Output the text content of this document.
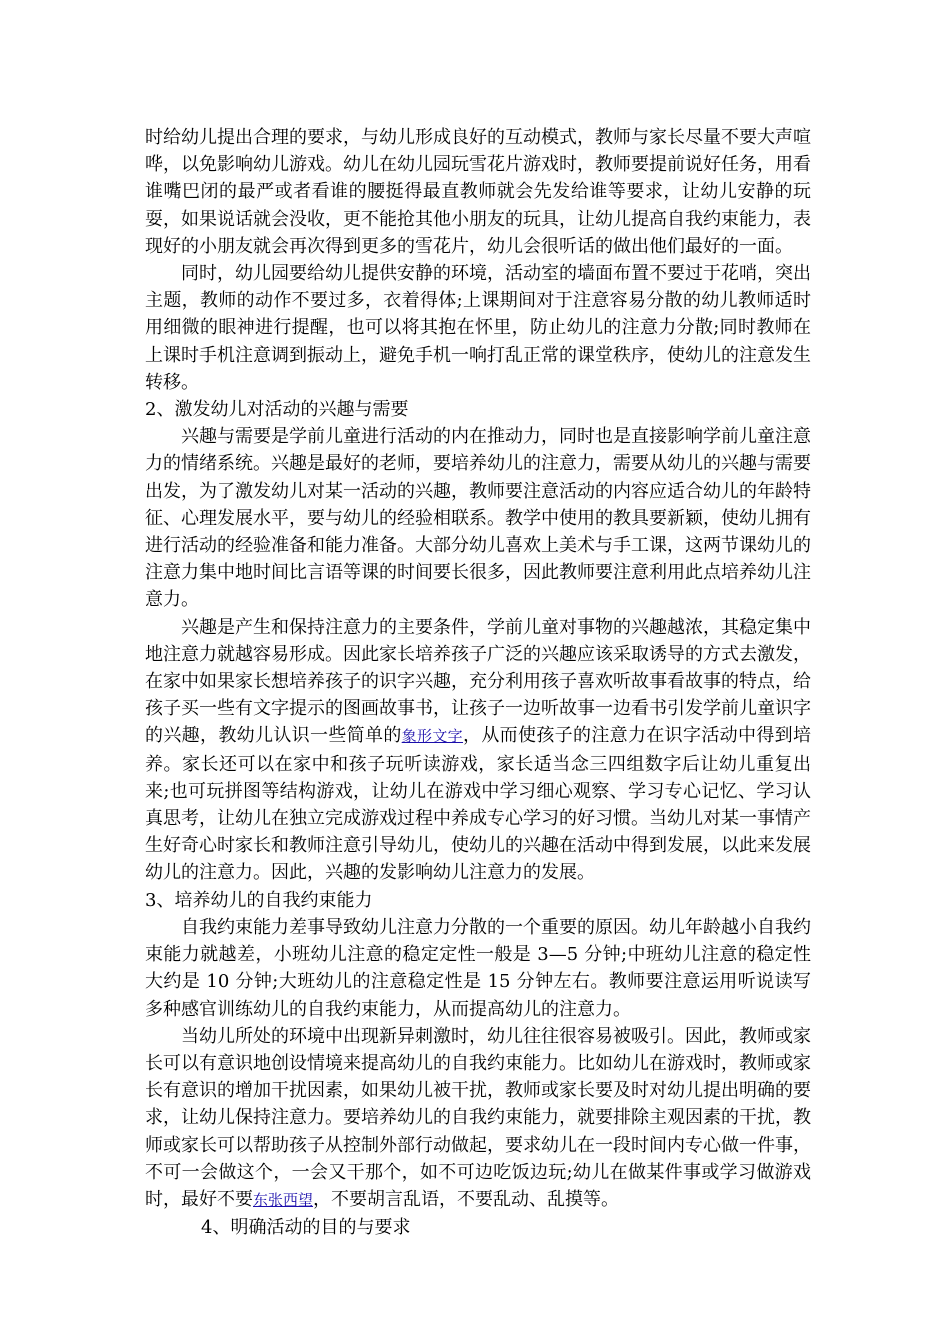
时给幼儿提出合理的要求，与幼儿形成良好的互动模式，教师与家长尽量不要大声喧哗，以免影响幼儿游戏。幼儿在幼儿园玩雪花片游戏时，教师要提前说好任务，用看谁嘴巴闭的最严或者看谁的腰挺得最直教师就会先发给谁等要求，让幼儿安静的玩耍，如果说话就会没收，更不能抢其他小朋友的玩具，让幼儿提高自我约束能力，表现好的小朋友就会再次得到更多的雪花片，幼儿会很听话的做出他们最好的一面。

同时，幼儿园要给幼儿提供安静的环境，活动室的墙面布置不要过于花哨，突出主题，教师的动作不要过多，衣着得体;上课期间对于注意容易分散的幼儿教师适时用细微的眼神进行提醒，也可以将其抱在怀里，防止幼儿的注意力分散;同时教师在上课时手机注意调到振动上，避免手机一响打乱正常的课堂秩序，使幼儿的注意发生转移。

2、激发幼儿对活动的兴趣与需要

兴趣与需要是学前儿童进行活动的内在推动力，同时也是直接影响学前儿童注意力的情绪系统。兴趣是最好的老师，要培养幼儿的注意力，需要从幼儿的兴趣与需要出发，为了激发幼儿对某一活动的兴趣，教师要注意活动的内容应适合幼儿的年龄特征、心理发展水平，要与幼儿的经验相联系。教学中使用的教具要新颖，使幼儿拥有进行活动的经验准备和能力准备。大部分幼儿喜欢上美术与手工课，这两节课幼儿的注意力集中地时间比言语等课的时间要长很多，因此教师要注意利用此点培养幼儿注意力。

兴趣是产生和保持注意力的主要条件，学前儿童对事物的兴趣越浓，其稳定集中地注意力就越容易形成。因此家长培养孩子广泛的兴趣应该采取诱导的方式去激发，在家中如果家长想培养孩子的识字兴趣，充分利用孩子喜欢听故事看故事的特点，给孩子买一些有文字提示的图画故事书，让孩子一边听故事一边看书引发学前儿童识字的兴趣，教幼儿认识一些简单的象形文字，从而使孩子的注意力在识字活动中得到培养。家长还可以在家中和孩子玩听读游戏，家长适当念三四组数字后让幼儿重复出来;也可玩拼图等结构游戏，让幼儿在游戏中学习细心观察、学习专心记忆、学习认真思考，让幼儿在独立完成游戏过程中养成专心学习的好习惯。当幼儿对某一事情产生好奇心时家长和教师注意引导幼儿，使幼儿的兴趣在活动中得到发展，以此来发展幼儿的注意力。因此，兴趣的发影响幼儿注意力的发展。

3、培养幼儿的自我约束能力

自我约束能力差事导致幼儿注意力分散的一个重要的原因。幼儿年龄越小自我约束能力就越差，小班幼儿注意的稳定定性一般是 3—5 分钟;中班幼儿注意的稳定性大约是 10 分钟;大班幼儿的注意稳定性是 15 分钟左右。教师要注意运用听说读写多种感官训练幼儿的自我约束能力，从而提高幼儿的注意力。

当幼儿所处的环境中出现新异刺激时，幼儿往往很容易被吸引。因此，教师或家长可以有意识地创设情境来提高幼儿的自我约束能力。比如幼儿在游戏时，教师或家长有意识的增加干扰因素，如果幼儿被干扰，教师或家长要及时对幼儿提出明确的要求，让幼儿保持注意力。要培养幼儿的自我约束能力，就要排除主观因素的干扰，教师或家长可以帮助孩子从控制外部行动做起，要求幼儿在一段时间内专心做一件事，不可一会做这个，一会又干那个，如不可边吃饭边玩;幼儿在做某件事或学习做游戏时，最好不要东张西望，不要胡言乱语，不要乱动、乱摸等。

4、明确活动的目的与要求
